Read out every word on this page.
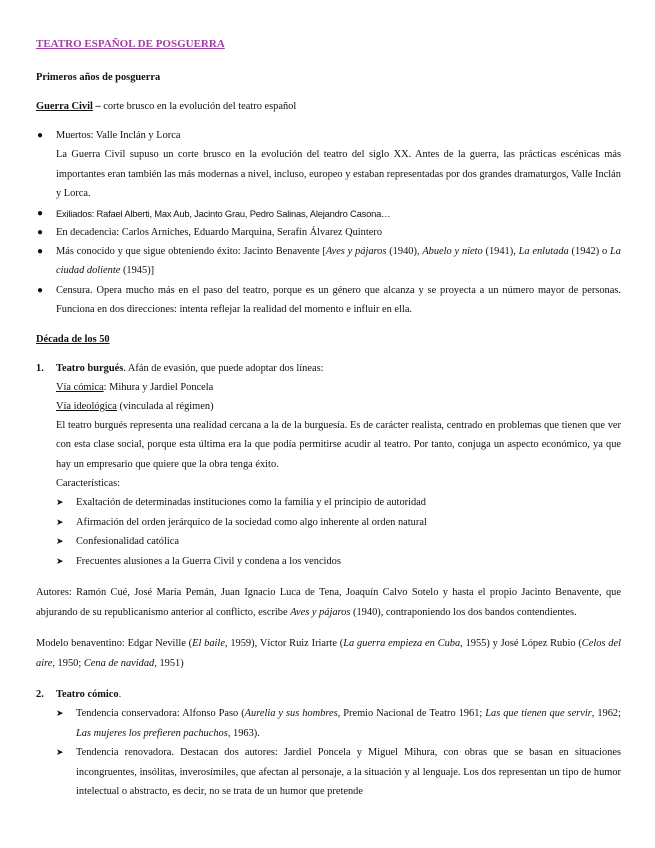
TEATRO ESPAÑOL DE POSGUERRA

Primeros años de posguerra

Guerra Civil – corte brusco en la evolución del teatro español

● Muertos: Valle Inclán y Lorca

La Guerra Civil supuso un corte brusco en la evolución del teatro del siglo XX. Antes de la guerra, las prácticas escénicas más importantes eran también las más modernas a nivel, incluso, europeo y estaban representadas por dos grandes dramaturgos, Valle Inclán y Lorca.

● Exiliados: Rafael Alberti, Max Aub, Jacinto Grau, Pedro Salinas, Alejandro Casona…

● En decadencia: Carlos Arniches, Eduardo Marquina, Serafín Álvarez Quintero

● Más conocido y que sigue obteniendo éxito: Jacinto Benavente [Aves y pájaros (1940), Abuelo y nieto (1941), La enlutada (1942) o La ciudad doliente (1945)]

● Censura. Opera mucho más en el paso del teatro, porque es un género que alcanza y se proyecta a un número mayor de personas. Funciona en dos direcciones: intenta reflejar la realidad del momento e influir en ella.

Década de los 50

1. Teatro burgués. Afán de evasión, que puede adoptar dos líneas:

Vía cómica: Mihura y Jardiel Poncela

Vía ideológica (vinculada al régimen)

El teatro burgués representa una realidad cercana a la de la burguesía. Es de carácter realista, centrado en problemas que tienen que ver con esta clase social, porque esta última era la que podía permitirse acudir al teatro. Por tanto, conjuga un aspecto económico, ya que hay un empresario que quiere que la obra tenga éxito.

Características:

➤ Exaltación de determinadas instituciones como la familia y el principio de autoridad
➤ Afirmación del orden jerárquico de la sociedad como algo inherente al orden natural
➤ Confesionalidad católica
➤ Frecuentes alusiones a la Guerra Civil y condena a los vencidos

Autores: Ramón Cué, José María Pemán, Juan Ignacio Luca de Tena, Joaquín Calvo Sotelo y hasta el propio Jacinto Benavente, que abjurando de su republicanismo anterior al conflicto, escribe Aves y pájaros (1940), contraponiendo los dos bandos contendientes.

Modelo benaventino: Edgar Neville (El baile, 1959), Víctor Ruiz Iriarte (La guerra empieza en Cuba, 1955) y José López Rubio (Celos del aire, 1950; Cena de navidad, 1951)

2. Teatro cómico.

➤ Tendencia conservadora: Alfonso Paso (Aurelia y sus hombres, Premio Nacional de Teatro 1961; Las que tienen que servir, 1962; Las mujeres los prefieren pachuchos, 1963).
➤ Tendencia renovadora. Destacan dos autores: Jardiel Poncela y Miguel Mihura, con obras que se basan en situaciones incongruentes, insólitas, inverosímiles, que afectan al personaje, a la situación y al lenguaje. Los dos representan un tipo de humor intelectual o abstracto, es decir, no se trata de un humor que pretende
